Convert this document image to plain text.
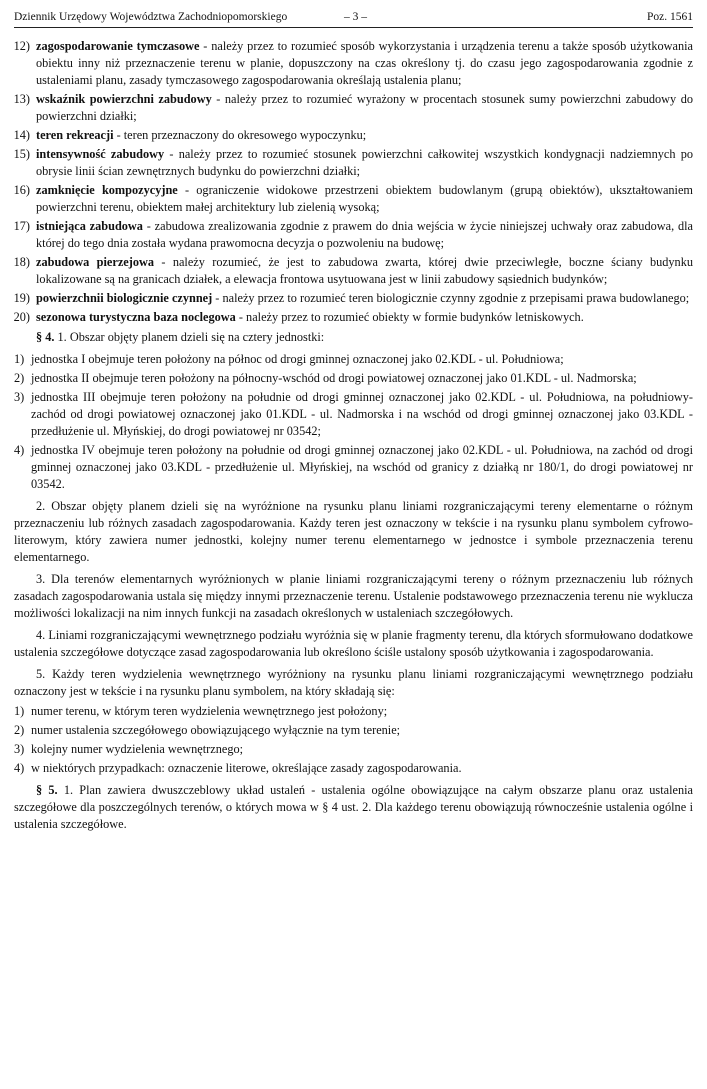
Dziennik Urzędowy Województwa Zachodniopomorskiego	– 3 –	Poz. 1561
12) zagospodarowanie tymczasowe - należy przez to rozumieć sposób wykorzystania i urządzenia terenu a także sposób użytkowania obiektu inny niż przeznaczenie terenu w planie, dopuszczony na czas określony tj. do czasu jego zagospodarowania zgodnie z ustaleniami planu, zasady tymczasowego zagospodarowania określają ustalenia planu;
13) wskaźnik powierzchni zabudowy - należy przez to rozumieć wyrażony w procentach stosunek sumy powierzchni zabudowy do powierzchni działki;
14) teren rekreacji - teren przeznaczony do okresowego wypoczynku;
15) intensywność zabudowy - należy przez to rozumieć stosunek powierzchni całkowitej wszystkich kondygnacji nadziemnych po obrysie linii ścian zewnętrznych budynku do powierzchni działki;
16) zamknięcie kompozycyjne - ograniczenie widokowe przestrzeni obiektem budowlanym (grupą obiektów), ukształtowaniem powierzchni terenu, obiektem małej architektury lub zielenią wysoką;
17) istniejąca zabudowa - zabudowa zrealizowania zgodnie z prawem do dnia wejścia w życie niniejszej uchwały oraz zabudowa, dla której do tego dnia została wydana prawomocna decyzja o pozwoleniu na budowę;
18) zabudowa pierzejowa - należy rozumieć, że jest to zabudowa zwarta, której dwie przeciwległe, boczne ściany budynku lokalizowane są na granicach działek, a elewacja frontowa usytuowana jest w linii zabudowy sąsiednich budynków;
19) powierzchnii biologicznie czynnej - należy przez to rozumieć teren biologicznie czynny zgodnie z przepisami prawa budowlanego;
20) sezonowa turystyczna baza noclegowa - należy przez to rozumieć obiekty w formie budynków letniskowych.

§ 4. 1. Obszar objęty planem dzieli się na cztery jednostki:

1) jednostka I obejmuje teren położony na północ od drogi gminnej oznaczonej jako 02.KDL - ul. Południowa;
2) jednostka II obejmuje teren położony na północny-wschód od drogi powiatowej oznaczonej jako 01.KDL - ul. Nadmorska;
3) jednostka III obejmuje teren położony na południe od drogi gminnej oznaczonej jako 02.KDL - ul. Południowa, na południowy-zachód od drogi powiatowej oznaczonej jako 01.KDL - ul. Nadmorska i na wschód od drogi gminnej oznaczonej jako 03.KDL - przedłużenie ul. Młyńskiej, do drogi powiatowej nr 03542;
4) jednostka IV obejmuje teren położony na południe od drogi gminnej oznaczonej jako 02.KDL - ul. Południowa, na zachód od drogi gminnej oznaczonej jako 03.KDL - przedłużenie ul. Młyńskiej, na wschód od granicy z działką nr 180/1, do drogi powiatowej nr 03542.

2. Obszar objęty planem dzieli się na wyróżnione na rysunku planu liniami rozgraniczającymi tereny elementarne o różnym przeznaczeniu lub różnych zasadach zagospodarowania. Każdy teren jest oznaczony w tekście i na rysunku planu symbolem cyfrowo-literowym, który zawiera numer jednostki, kolejny numer terenu elementarnego w jednostce i symbole przeznaczenia terenu elementarnego.

3. Dla terenów elementarnych wyróżnionych w planie liniami rozgraniczającymi tereny o różnym przeznaczeniu lub różnych zasadach zagospodarowania ustala się między innymi przeznaczenie terenu. Ustalenie podstawowego przeznaczenia terenu nie wyklucza możliwości lokalizacji na nim innych funkcji na zasadach określonych w ustaleniach szczegółowych.

4. Liniami rozgraniczającymi wewnętrznego podziału wyróżnia się w planie fragmenty terenu, dla których sformułowano dodatkowe ustalenia szczegółowe dotyczące zasad zagospodarowania lub określono ściśle ustalony sposób użytkowania i zagospodarowania.

5. Każdy teren wydzielenia wewnętrznego wyróżniony na rysunku planu liniami rozgraniczającymi wewnętrznego podziału oznaczony jest w tekście i na rysunku planu symbolem, na który składają się:

1) numer terenu, w którym teren wydzielenia wewnętrznego jest położony;
2) numer ustalenia szczegółowego obowiązującego wyłącznie na tym terenie;
3) kolejny numer wydzielenia wewnętrznego;
4) w niektórych przypadkach: oznaczenie literowe, określające zasady zagospodarowania.

§ 5. 1. Plan zawiera dwuszczeblowy układ ustaleń - ustalenia ogólne obowiązujące na całym obszarze planu oraz ustalenia szczegółowe dla poszczególnych terenów, o których mowa w § 4 ust. 2. Dla każdego terenu obowiązują równocześnie ustalenia ogólne i ustalenia szczegółowe.
